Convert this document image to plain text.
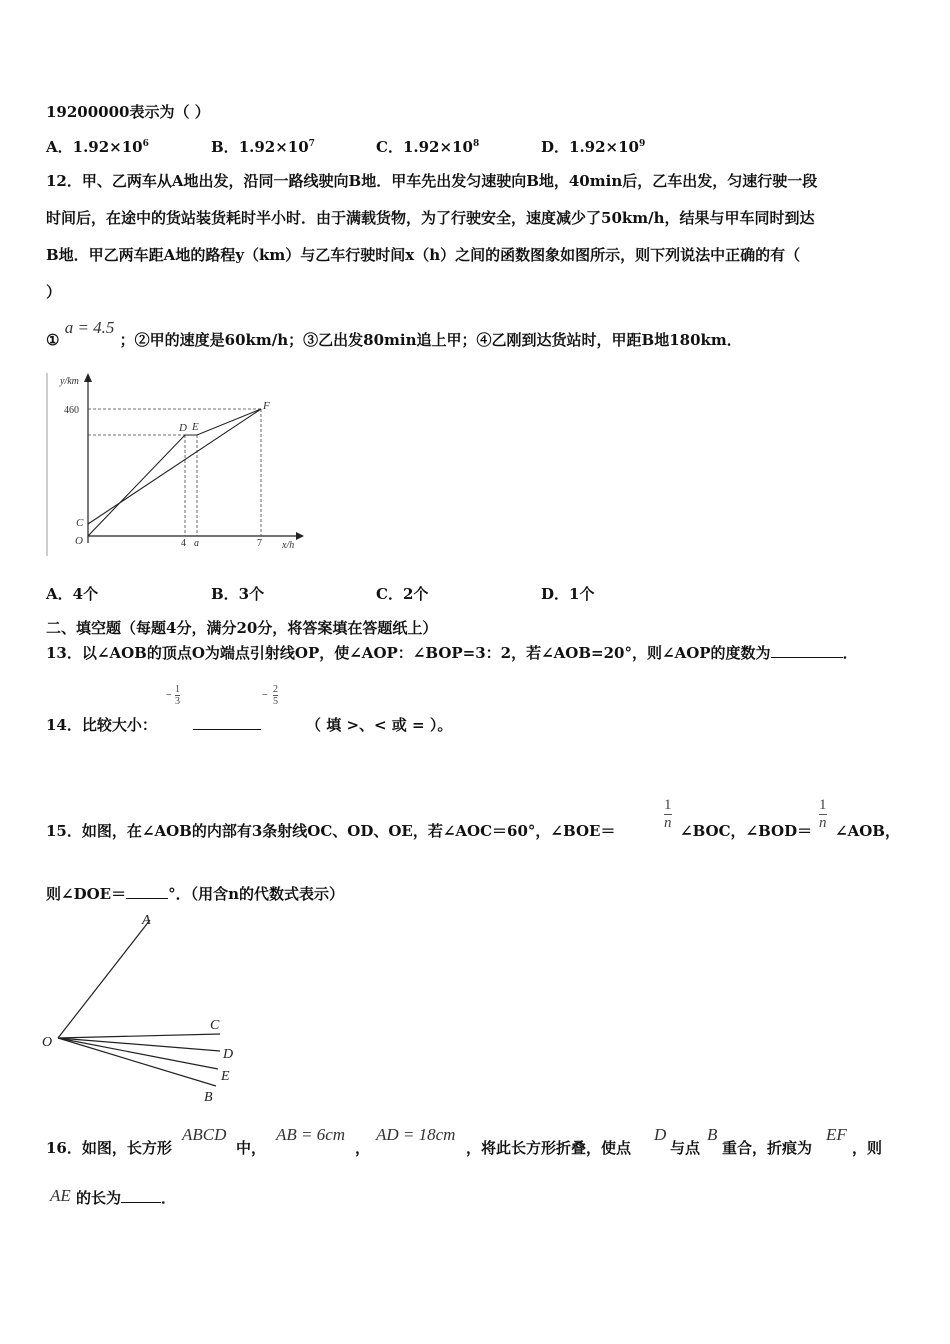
19200000表示为（ ）
A．$1.92\times 10^6$	B．$1.92\times 10^7$	C．$1.92\times 10^8$	D．$1.92\times 10^9$
12．甲、乙两车从A地出发，沿同一路线驶向B地．甲车先出发匀速驶向B地，40min后，乙车出发，匀速行驶一段
时间后，在途中的货站装货耗时半小时．由于满载货物，为了行驶安全，速度减少了50km/h，结果与甲车同时到达
B地．甲乙两车距A地的路程y（km）与乙车行驶时间x（h）之间的函数图象如图所示，则下列说法中正确的有（
）
① a = 4.5 ；②甲的速度是60km/h；③乙出发80min追上甲；④乙刚到达货站时，甲距B地180km．
y/km
460
x/h
4 a	7
O
C
D E
F
A．4个	B．3个	C．2个	D．1个
二、填空题（每题4分，满分20分，将答案填在答题纸上）
13．以∠AOB的顶点O为端点引射线OP，使∠AOP：∠BOP=3：2，若∠AOB=20°，则∠AOP的度数为	．
14．比较大小：
−
1
3
−
2
5
（ 填 >、< 或 = ）。
15．如图，在∠AOB的内部有3条射线OC、OD、OE，若∠AOC＝60°，∠BOE＝	$\frac{1}{n}$ ∠BOC，∠BOD＝ $\frac{1}{n}$ ∠AOB，
则∠DOE＝	°．（用含n的代数式表示）
A
C
D
E
B
O
16．如图，长方形
ABCD
中，
AB = 6cm
，
AD = 18cm
，将此长方形折叠，使点
D
与点
B
重合，折痕为
EF
，则
AE 的长为	．
